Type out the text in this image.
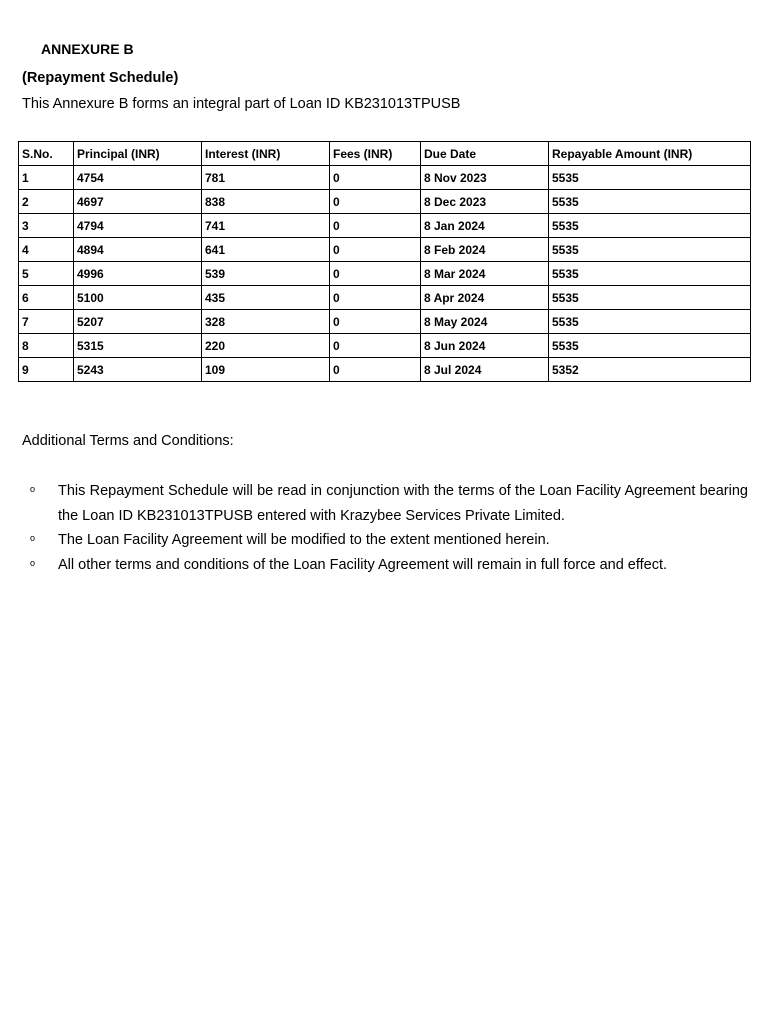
ANNEXURE B

(Repayment Schedule)

This Annexure B forms an integral part of Loan ID KB231013TPUSB

S.No.	Principal (INR)	Interest (INR)	Fees (INR)	Due Date	Repayable Amount (INR)
1	4754	781	0	8 Nov 2023	5535
2	4697	838	0	8 Dec 2023	5535
3	4794	741	0	8 Jan 2024	5535
4	4894	641	0	8 Feb 2024	5535
5	4996	539	0	8 Mar 2024	5535
6	5100	435	0	8 Apr 2024	5535
7	5207	328	0	8 May 2024	5535
8	5315	220	0	8 Jun 2024	5535
9	5243	109	0	8 Jul 2024	5352

Additional Terms and Conditions:

o This Repayment Schedule will be read in conjunction with the terms of the Loan Facility Agreement bearing the Loan ID KB231013TPUSB entered with Krazybee Services Private Limited.
o The Loan Facility Agreement will be modified to the extent mentioned herein.
o All other terms and conditions of the Loan Facility Agreement will remain in full force and effect.
